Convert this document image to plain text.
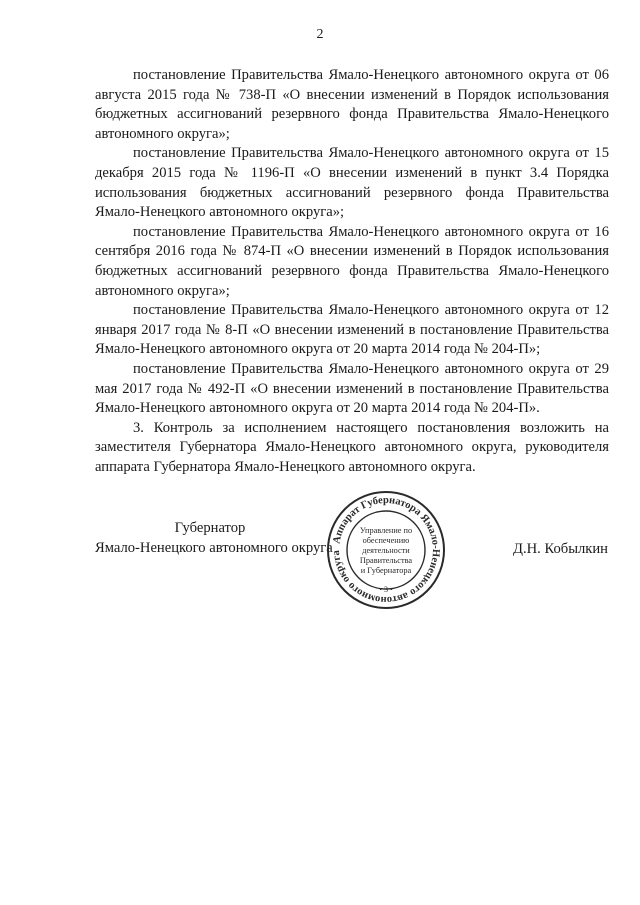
2

постановление Правительства Ямало-Ненецкого автономного округа от 06 августа 2015 года № 738-П «О внесении изменений в Порядок использования бюджетных ассигнований резервного фонда Правительства Ямало-Ненецкого автономного округа»;

постановление Правительства Ямало-Ненецкого автономного округа от 15 декабря 2015 года № 1196-П «О внесении изменений в пункт 3.4 Порядка использования бюджетных ассигнований резервного фонда Правительства Ямало-Ненецкого автономного округа»;

постановление Правительства Ямало-Ненецкого автономного округа от 16 сентября 2016 года № 874-П «О внесении изменений в Порядок использования бюджетных ассигнований резервного фонда Правительства Ямало-Ненецкого автономного округа»;

постановление Правительства Ямало-Ненецкого автономного округа от 12 января 2017 года № 8-П «О внесении изменений в постановление Правительства Ямало-Ненецкого автономного округа от 20 марта 2014 года № 204-П»;

постановление Правительства Ямало-Ненецкого автономного округа от 29 мая 2017 года № 492-П «О внесении изменений в постановление Правительства Ямало-Ненецкого автономного округа от 20 марта 2014 года № 204-П».

3. Контроль за исполнением настоящего постановления возложить на заместителя Губернатора Ямало-Ненецкого автономного округа, руководителя аппарата Губернатора Ямало-Ненецкого автономного округа.

Губернатор
Ямало-Ненецкого автономного округа
Аппарат Губернатора Ямало-Ненецкого автономного округа
• 3 •
Управление по
обеспечению
деятельности
Правительства
и Губернатора
Д.Н. Кобылкин
